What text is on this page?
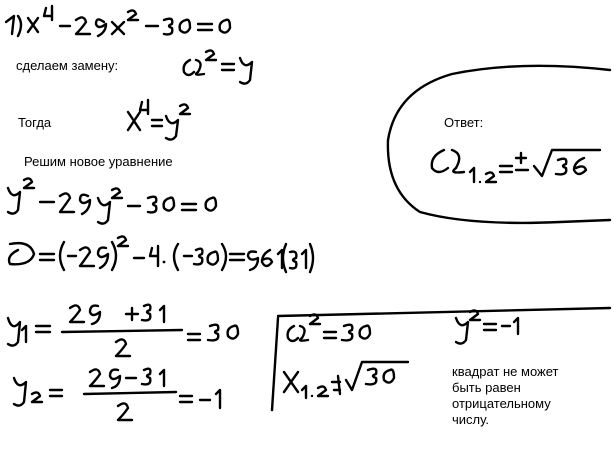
сделаем замену:
Тогда
Решим новое уравнение
Ответ:
квадрат не может
быть равен
отрицательному
числу.
